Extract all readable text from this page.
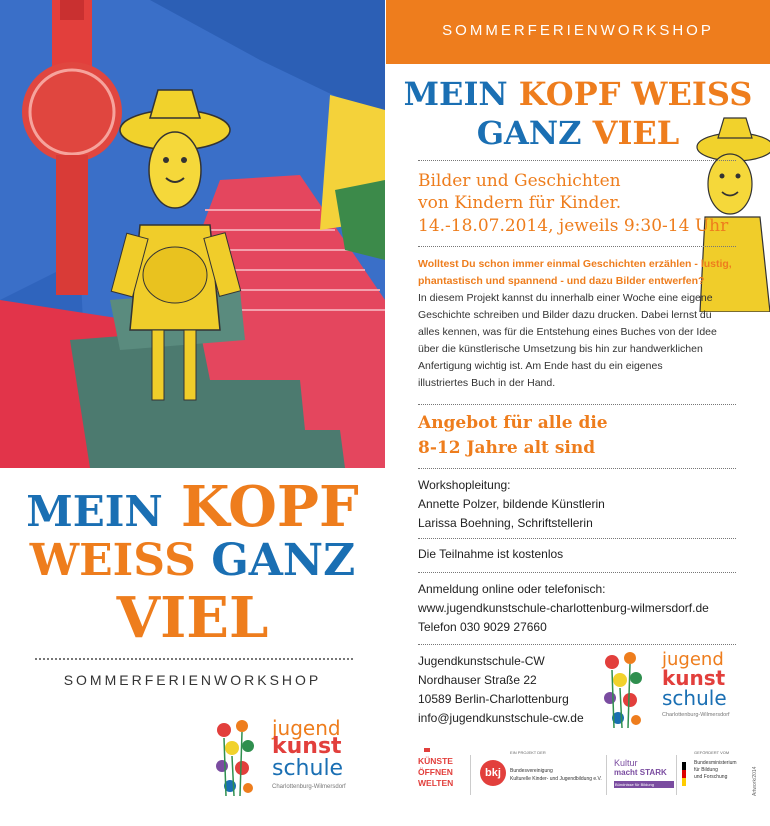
MEIN KOPF
WEISS GANZ
VIEL
SOMMERFERIENWORKSHOP
jugend
kunst
schule
Charlottenburg-Wilmersdorf
SOMMERFERIENWORKSHOP
MEIN KOPF WEISS
GANZ VIEL
Bilder und Geschichten
von Kindern für Kinder.
14.-18.07.2014, jeweils 9:30-14 Uhr
Wolltest Du schon immer einmal Geschichten erzählen - lustig,
phantastisch und spannend - und dazu Bilder entwerfen?
In diesem Projekt kannst du innerhalb einer Woche eine eigene
Geschichte schreiben und Bilder dazu drucken. Dabei lernst du
alles kennen, was für die Entstehung eines Buches von der Idee
über die künstlerische Umsetzung bis hin zur handwerklichen
Anfertigung wichtig ist. Am Ende hast du ein eigenes
illustriertes Buch in der Hand.
Angebot für alle die
8-12 Jahre alt sind
Workshopleitung:
Annette Polzer, bildende Künstlerin
Larissa Boehning, Schriftstellerin
Die Teilnahme ist kostenlos
Anmeldung online oder telefonisch:
www.jugendkunstschule-charlottenburg-wilmersdorf.de
Telefon 030 9029 27660
Jugendkunstschule-CW
Nordhauser Straße 22
10589 Berlin-Charlottenburg
info@jugendkunstschule-cw.de
jugend
kunst
schule
Charlottenburg-Wilmersdorf
KÜNSTE
ÖFFNEN
WELTEN
EIN PROJEKT DER
bkj	Bundesvereinigung
Kulturelle Kinder- und Jugendbildung e.V.
Kultur
macht STARK
Bündnisse für Bildung
GEFÖRDERT VOM
Bundesministerium
für Bildung
und Forschung	Artwork/2014
